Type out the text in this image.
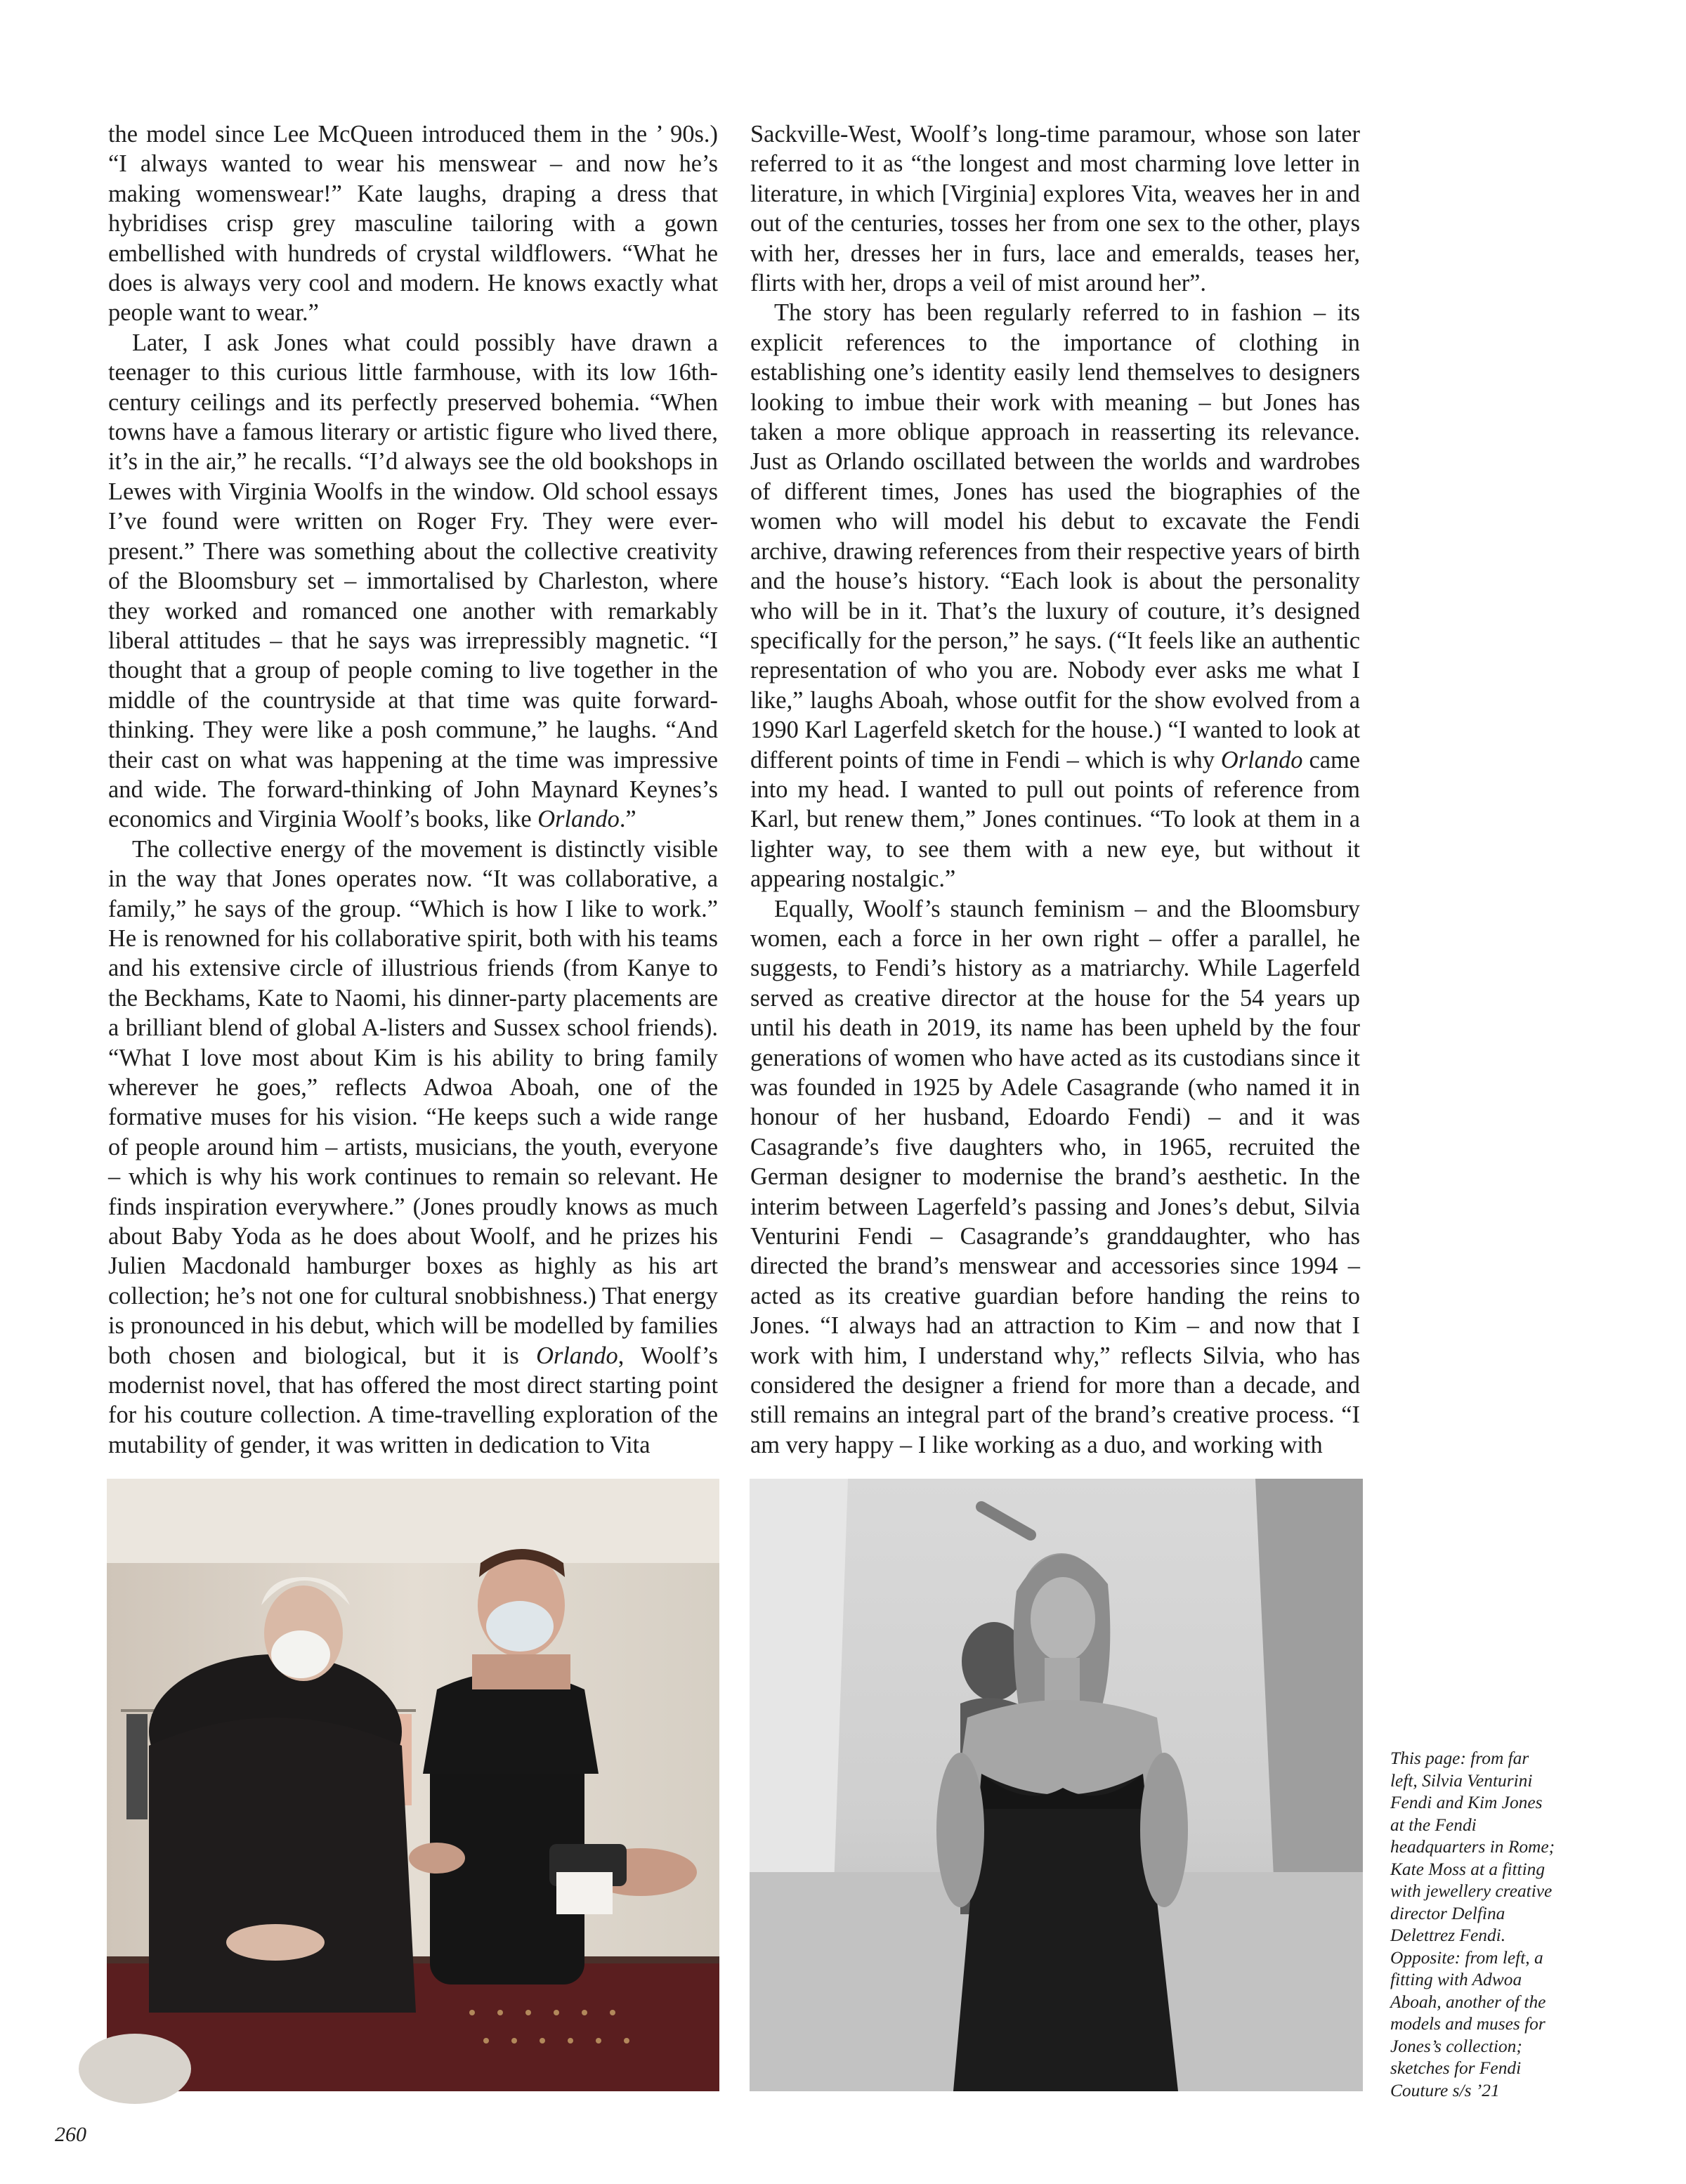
the model since Lee McQueen introduced them in the ’ 90s.) “I always wanted to wear his menswear – and now he’s making womenswear!” Kate laughs, draping a dress that hybridises crisp grey masculine tailoring with a gown embellished with hundreds of crystal wildflowers. “What he does is always very cool and modern. He knows exactly what people want to wear.”

Later, I ask Jones what could possibly have drawn a teenager to this curious little farmhouse, with its low 16th-century ceilings and its perfectly preserved bohemia. “When towns have a famous literary or artistic figure who lived there, it’s in the air,” he recalls. “I’d always see the old bookshops in Lewes with Virginia Woolfs in the window. Old school essays I’ve found were written on Roger Fry. They were ever-present.” There was something about the collective creativity of the Bloomsbury set – immortalised by Charleston, where they worked and romanced one another with remarkably liberal attitudes – that he says was irrepressibly magnetic. “I thought that a group of people coming to live together in the middle of the countryside at that time was quite forward-thinking. They were like a posh commune,” he laughs. “And their cast on what was happening at the time was impressive and wide. The forward-thinking of John Maynard Keynes’s economics and Virginia Woolf’s books, like Orlando.”

The collective energy of the movement is distinctly visible in the way that Jones operates now. “It was collaborative, a family,” he says of the group. “Which is how I like to work.” He is renowned for his collaborative spirit, both with his teams and his extensive circle of illustrious friends (from Kanye to the Beckhams, Kate to Naomi, his dinner-party placements are a brilliant blend of global A-listers and Sussex school friends). “What I love most about Kim is his ability to bring family wherever he goes,” reflects Adwoa Aboah, one of the formative muses for his vision. “He keeps such a wide range of people around him – artists, musicians, the youth, everyone – which is why his work continues to remain so relevant. He finds inspiration everywhere.” (Jones proudly knows as much about Baby Yoda as he does about Woolf, and he prizes his Julien Macdonald hamburger boxes as highly as his art collection; he’s not one for cultural snobbishness.) That energy is pronounced in his debut, which will be modelled by families both chosen and biological, but it is Orlando, Woolf’s modernist novel, that has offered the most direct starting point for his couture collection. A time-travelling exploration of the mutability of gender, it was written in dedication to Vita

Sackville-West, Woolf’s long-time paramour, whose son later referred to it as “the longest and most charming love letter in literature, in which [Virginia] explores Vita, weaves her in and out of the centuries, tosses her from one sex to the other, plays with her, dresses her in furs, lace and emeralds, teases her, flirts with her, drops a veil of mist around her”.

The story has been regularly referred to in fashion – its explicit references to the importance of clothing in establishing one’s identity easily lend themselves to designers looking to imbue their work with meaning – but Jones has taken a more oblique approach in reasserting its relevance. Just as Orlando oscillated between the worlds and wardrobes of different times, Jones has used the biographies of the women who will model his debut to excavate the Fendi archive, drawing references from their respective years of birth and the house’s history. “Each look is about the personality who will be in it. That’s the luxury of couture, it’s designed specifically for the person,” he says. (“It feels like an authentic representation of who you are. Nobody ever asks me what I like,” laughs Aboah, whose outfit for the show evolved from a 1990 Karl Lagerfeld sketch for the house.) “I wanted to look at different points of time in Fendi – which is why Orlando came into my head. I wanted to pull out points of reference from Karl, but renew them,” Jones continues. “To look at them in a lighter way, to see them with a new eye, but without it appearing nostalgic.”

Equally, Woolf’s staunch feminism – and the Bloomsbury women, each a force in her own right – offer a parallel, he suggests, to Fendi’s history as a matriarchy. While Lagerfeld served as creative director at the house for the 54 years up until his death in 2019, its name has been upheld by the four generations of women who have acted as its custodians since it was founded in 1925 by Adele Casagrande (who named it in honour of her husband, Edoardo Fendi) – and it was Casagrande’s five daughters who, in 1965, recruited the German designer to modernise the brand’s aesthetic. In the interim between Lagerfeld’s passing and Jones’s debut, Silvia Venturini Fendi – Casagrande’s granddaughter, who has directed the brand’s menswear and accessories since 1994 – acted as its creative guardian before handing the reins to Jones. “I always had an attraction to Kim – and now that I work with him, I understand why,” reflects Silvia, who has considered the designer a friend for more than a decade, and still remains an integral part of the brand’s creative process. “I am very happy – I like working as a duo, and working with

This page: from far left, Silvia Venturini Fendi and Kim Jones at the Fendi headquarters in Rome; Kate Moss at a fitting with jewellery creative director Delfina Delettrez Fendi. Opposite: from left, a fitting with Adwoa Aboah, another of the models and muses for Jones’s collection; sketches for Fendi Couture s/s ’21
260
